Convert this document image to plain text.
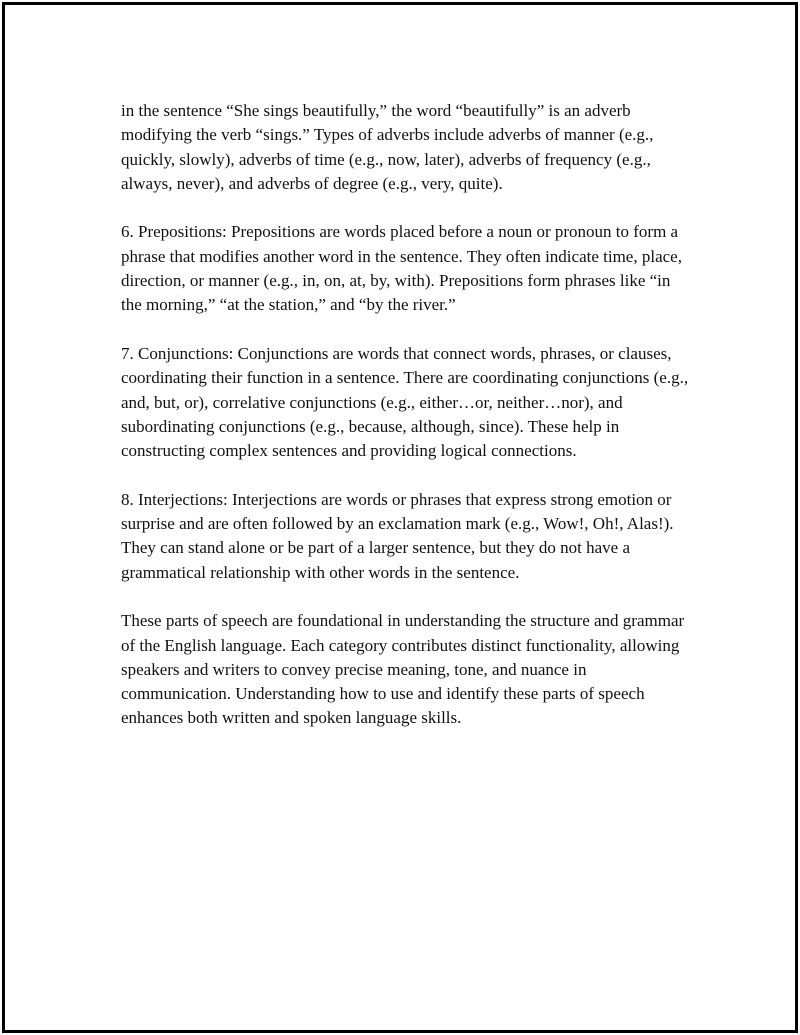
in the sentence “She sings beautifully,” the word “beautifully” is an adverb modifying the verb “sings.” Types of adverbs include adverbs of manner (e.g., quickly, slowly), adverbs of time (e.g., now, later), adverbs of frequency (e.g., always, never), and adverbs of degree (e.g., very, quite).

6. Prepositions: Prepositions are words placed before a noun or pronoun to form a phrase that modifies another word in the sentence. They often indicate time, place, direction, or manner (e.g., in, on, at, by, with). Prepositions form phrases like “in the morning,” “at the station,” and “by the river.”

7. Conjunctions: Conjunctions are words that connect words, phrases, or clauses, coordinating their function in a sentence. There are coordinating conjunctions (e.g., and, but, or), correlative conjunctions (e.g., either…or, neither…nor), and subordinating conjunctions (e.g., because, although, since). These help in constructing complex sentences and providing logical connections.

8. Interjections: Interjections are words or phrases that express strong emotion or surprise and are often followed by an exclamation mark (e.g., Wow!, Oh!, Alas!). They can stand alone or be part of a larger sentence, but they do not have a grammatical relationship with other words in the sentence.

These parts of speech are foundational in understanding the structure and grammar of the English language. Each category contributes distinct functionality, allowing speakers and writers to convey precise meaning, tone, and nuance in communication. Understanding how to use and identify these parts of speech enhances both written and spoken language skills.
